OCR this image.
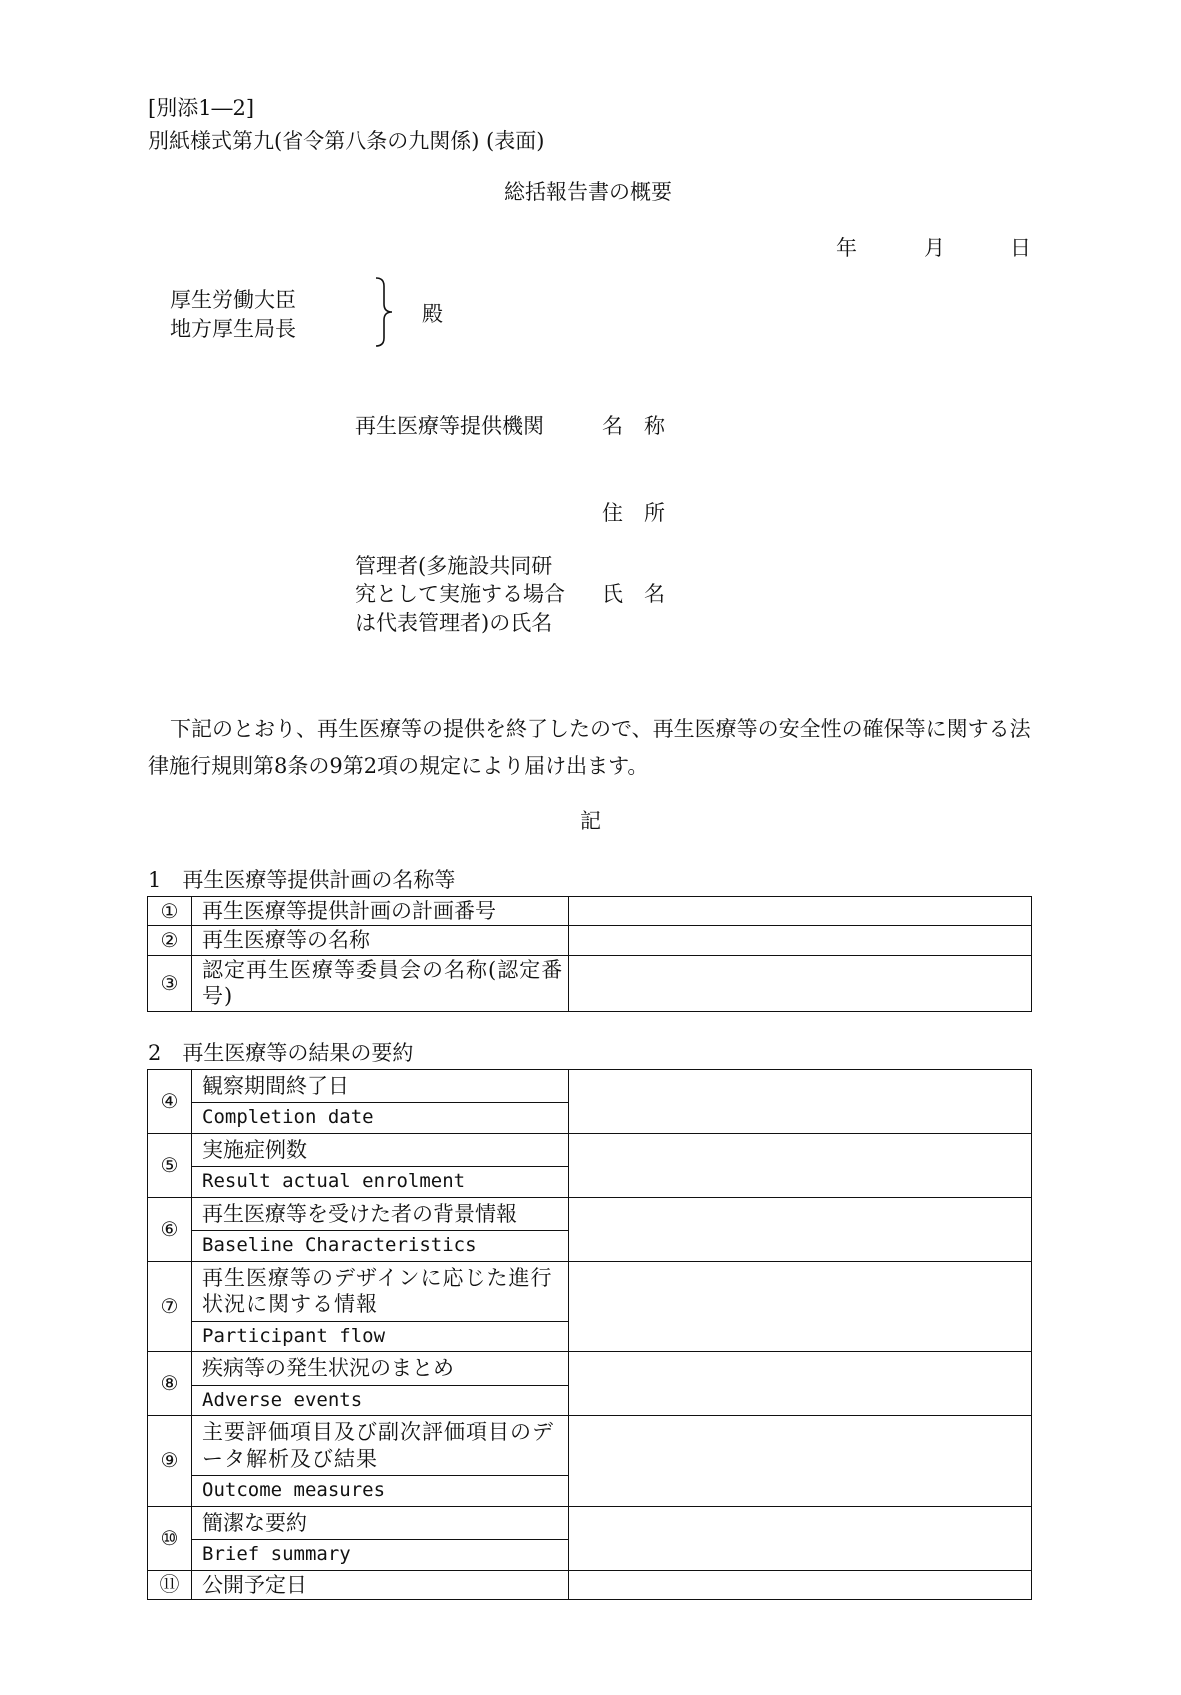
[別添1―2]
別紙様式第九(省令第八条の九関係) (表面)
総括報告書の概要
年	月	日
厚生労働大臣
地方厚生局長
殿
再生医療等提供機関	名　称
住　所
管理者(多施設共同研
究として実施する場合
は代表管理者)の氏名
氏　名
下記のとおり、再生医療等の提供を終了したので、再生医療等の安全性の確保等に関する法律施行規則第8条の9第2項の規定により届け出ます。
記
1　再生医療等提供計画の名称等
①	再生医療等提供計画の計画番号	
②	再生医療等の名称	
③	認定再生医療等委員会の名称(認定番号)	
2　再生医療等の結果の要約
④	観察期間終了日
Completion date	

⑤	実施症例数
Result actual enrolment	

⑥	再生医療等を受けた者の背景情報
Baseline Characteristics	

⑦	再生医療等のデザインに応じた進行状況に関する情報
Participant flow	

⑧	疾病等の発生状況のまとめ
Adverse events	

⑨	主要評価項目及び副次評価項目のデータ解析及び結果
Outcome measures	

⑩	簡潔な要約
Brief summary	

⑪	公開予定日	
